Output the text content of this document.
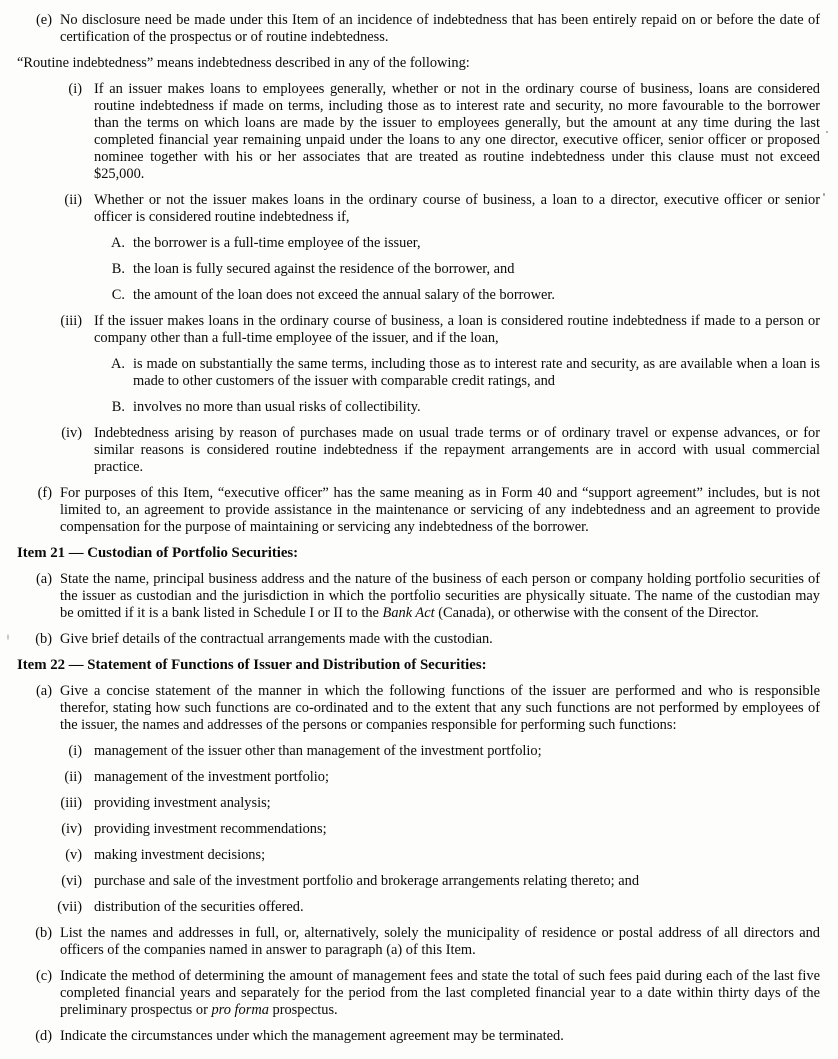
(e) No disclosure need be made under this Item of an incidence of indebtedness that has been entirely repaid on or before the date of certification of the prospectus or of routine indebtedness.
“Routine indebtedness” means indebtedness described in any of the following:
(i) If an issuer makes loans to employees generally, whether or not in the ordinary course of business, loans are considered routine indebtedness if made on terms, including those as to interest rate and security, no more favourable to the borrower than the terms on which loans are made by the issuer to employees generally, but the amount at any time during the last completed financial year remaining unpaid under the loans to any one director, executive officer, senior officer or proposed nominee together with his or her associates that are treated as routine indebtedness under this clause must not exceed $25,000.
(ii) Whether or not the issuer makes loans in the ordinary course of business, a loan to a director, executive officer or senior officer is considered routine indebtedness if,
A. the borrower is a full-time employee of the issuer,
B. the loan is fully secured against the residence of the borrower, and
C. the amount of the loan does not exceed the annual salary of the borrower.
(iii) If the issuer makes loans in the ordinary course of business, a loan is considered routine indebtedness if made to a person or company other than a full-time employee of the issuer, and if the loan,
A. is made on substantially the same terms, including those as to interest rate and security, as are available when a loan is made to other customers of the issuer with comparable credit ratings, and
B. involves no more than usual risks of collectibility.
(iv) Indebtedness arising by reason of purchases made on usual trade terms or of ordinary travel or expense advances, or for similar reasons is considered routine indebtedness if the repayment arrangements are in accord with usual commercial practice.
(f) For purposes of this Item, “executive officer” has the same meaning as in Form 40 and “support agreement” includes, but is not limited to, an agreement to provide assistance in the maintenance or servicing of any indebtedness and an agreement to provide compensation for the purpose of maintaining or servicing any indebtedness of the borrower.
Item 21 — Custodian of Portfolio Securities:
(a) State the name, principal business address and the nature of the business of each person or company holding portfolio securities of the issuer as custodian and the jurisdiction in which the portfolio securities are physically situate. The name of the custodian may be omitted if it is a bank listed in Schedule I or II to the Bank Act (Canada), or otherwise with the consent of the Director.
(b) Give brief details of the contractual arrangements made with the custodian.
Item 22 — Statement of Functions of Issuer and Distribution of Securities:
(a) Give a concise statement of the manner in which the following functions of the issuer are performed and who is responsible therefor, stating how such functions are co-ordinated and to the extent that any such functions are not performed by employees of the issuer, the names and addresses of the persons or companies responsible for performing such functions:
(i) management of the issuer other than management of the investment portfolio;
(ii) management of the investment portfolio;
(iii) providing investment analysis;
(iv) providing investment recommendations;
(v) making investment decisions;
(vi) purchase and sale of the investment portfolio and brokerage arrangements relating thereto; and
(vii) distribution of the securities offered.
(b) List the names and addresses in full, or, alternatively, solely the municipality of residence or postal address of all directors and officers of the companies named in answer to paragraph (a) of this Item.
(c) Indicate the method of determining the amount of management fees and state the total of such fees paid during each of the last five completed financial years and separately for the period from the last completed financial year to a date within thirty days of the preliminary prospectus or pro forma prospectus.
(d) Indicate the circumstances under which the management agreement may be terminated.
